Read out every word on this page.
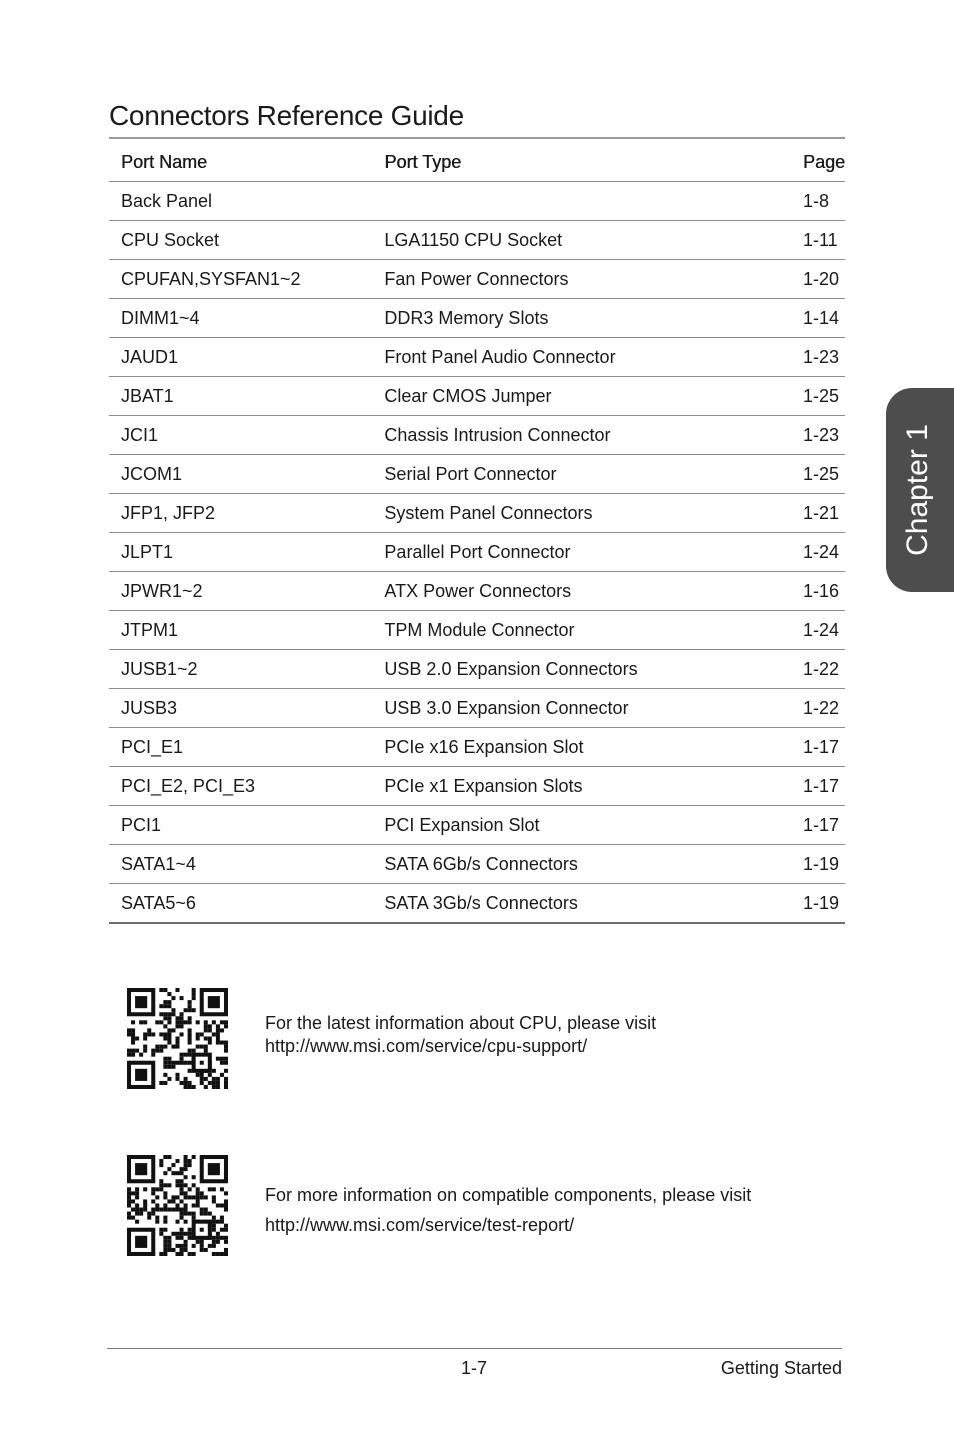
Connectors Reference Guide
Port Name	Port Type	Page
Back Panel		1-8
CPU Socket	LGA1150 CPU Socket	1-11
CPUFAN,SYSFAN1~2	Fan Power Connectors	1-20
DIMM1~4	DDR3 Memory Slots	1-14
JAUD1	Front Panel Audio Connector	1-23
JBAT1	Clear CMOS Jumper	1-25
JCI1	Chassis Intrusion Connector	1-23
JCOM1	Serial Port Connector	1-25
JFP1, JFP2	System Panel Connectors	1-21
JLPT1	Parallel Port Connector	1-24
JPWR1~2	ATX Power Connectors	1-16
JTPM1	TPM Module Connector	1-24
JUSB1~2	USB 2.0 Expansion Connectors	1-22
JUSB3	USB 3.0 Expansion Connector	1-22
PCI_E1	PCIe x16 Expansion Slot	1-17
PCI_E2, PCI_E3	PCIe x1 Expansion Slots	1-17
PCI1	PCI Expansion Slot	1-17
SATA1~4	SATA 6Gb/s Connectors	1-19
SATA5~6	SATA 3Gb/s Connectors	1-19
For the latest information about CPU, please visit
http://www.msi.com/service/cpu-support/
For more information on compatible components, please visit
http://www.msi.com/service/test-report/
Chapter 1
1-7	Getting Started
